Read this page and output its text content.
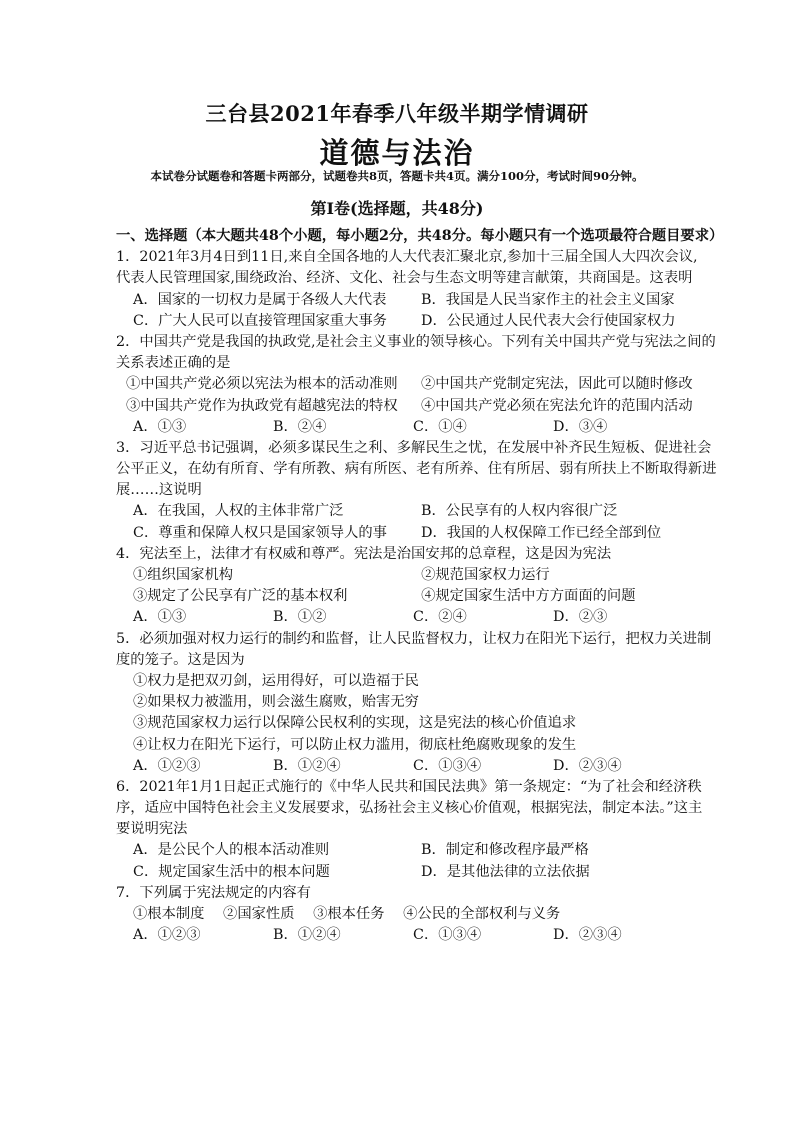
三台县2021年春季八年级半期学情调研
道德与法治
本试卷分试题卷和答题卡两部分，试题卷共8页，答题卡共4页。满分100分，考试时间90分钟。
第Ⅰ卷(选择题，共48分)
一、选择题（本大题共48个小题，每小题2分，共48分。每小题只有一个选项最符合题目要求）
1．2021年3月4日到11日,来自全国各地的人大代表汇聚北京,参加十三届全国人大四次会议,
代表人民管理国家,围绕政治、经济、文化、社会与生态文明等建言献策，共商国是。这表明
A．国家的一切权力是属于各级人大代表	B．我国是人民当家作主的社会主义国家
C．广大人民可以直接管理国家重大事务	D．公民通过人民代表大会行使国家权力
2．中国共产党是我国的执政党,是社会主义事业的领导核心。下列有关中国共产党与宪法之间的
关系表述正确的是
①中国共产党必须以宪法为根本的活动准则	②中国共产党制定宪法，因此可以随时修改
③中国共产党作为执政党有超越宪法的特权	④中国共产党必须在宪法允许的范围内活动
A．①③	B．②④	C．①④	D．③④
3．习近平总书记强调，必须多谋民生之利、多解民生之忧，在发展中补齐民生短板、促进社会
公平正义，在幼有所育、学有所教、病有所医、老有所养、住有所居、弱有所扶上不断取得新进
展……这说明
A．在我国，人权的主体非常广泛	B．公民享有的人权内容很广泛
C．尊重和保障人权只是国家领导人的事	D．我国的人权保障工作已经全部到位
4．宪法至上，法律才有权威和尊严。宪法是治国安邦的总章程，这是因为宪法
①组织国家机构	②规范国家权力运行
③规定了公民享有广泛的基本权利	④规定国家生活中方方面面的问题
A．①③	B．①②	C．②④	D．②③
5．必须加强对权力运行的制约和监督，让人民监督权力，让权力在阳光下运行，把权力关进制
度的笼子。这是因为
①权力是把双刃剑，运用得好，可以造福于民
②如果权力被滥用，则会滋生腐败，贻害无穷
③规范国家权力运行以保障公民权利的实现，这是宪法的核心价值追求
④让权力在阳光下运行，可以防止权力滥用，彻底杜绝腐败现象的发生
A．①②③	B．①②④	C．①③④	D．②③④
6．2021年1月1日起正式施行的《中华人民共和国民法典》第一条规定：“为了社会和经济秩
序，适应中国特色社会主义发展要求，弘扬社会主义核心价值观，根据宪法，制定本法。”这主
要说明宪法
A．是公民个人的根本活动准则	B．制定和修改程序最严格
C．规定国家生活中的根本问题	D．是其他法律的立法依据
7．下列属于宪法规定的内容有
①根本制度 ②国家性质 ③根本任务 ④公民的全部权利与义务
A．①②③	B．①②④	C．①③④	D．②③④
